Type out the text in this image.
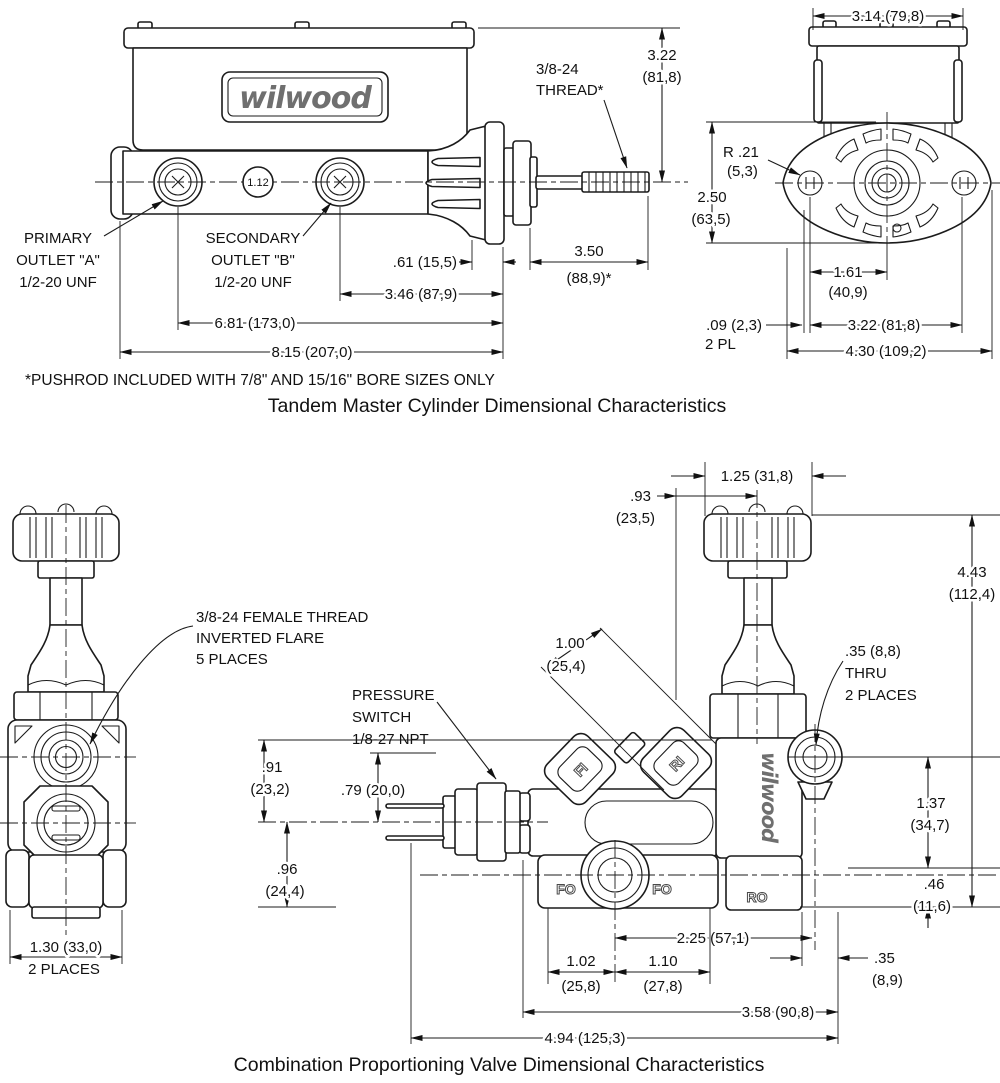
wilwood
1.12
3.22
(81,8)
3/8-24
THREAD*
PRIMARY
OUTLET "A"
1/2-20 UNF
SECONDARY
OUTLET "B"
1/2-20 UNF
.61 (15,5)
3.50
(88,9)*
3.46 (87,9)
6.81 (173,0)
8.15 (207,0)
3.14 (79,8)
2.50
(63,5)
R .21
(5,3)
1.61
(40,9)
.09 (2,3)
2 PL
3.22 (81,8)
4.30 (109,2)
*PUSHROD INCLUDED WITH 7/8" AND 15/16" BORE SIZES ONLY
Tandem Master Cylinder Dimensional Characteristics
FI	RI	wilwood
RO
FO	FO
1.25 (31,8)
.93
(23,5)
4.43
(112,4)
1.00
(25,4)
.35 (8,8)
THRU
2 PLACES
PRESSURE
SWITCH
1/8-27 NPT
3/8-24 FEMALE THREAD
INVERTED FLARE
5 PLACES
.91
(23,2)	.79 (20,0)
.96
(24,4)
1.37
(34,7)
.46
(11,6)
1.30 (33,0)
2 PLACES
2.25 (57,1)
1.02
(25,8)
1.10
(27,8)
.35
(8,9)
3.58 (90,8)
4.94 (125,3)
Combination Proportioning Valve Dimensional Characteristics
